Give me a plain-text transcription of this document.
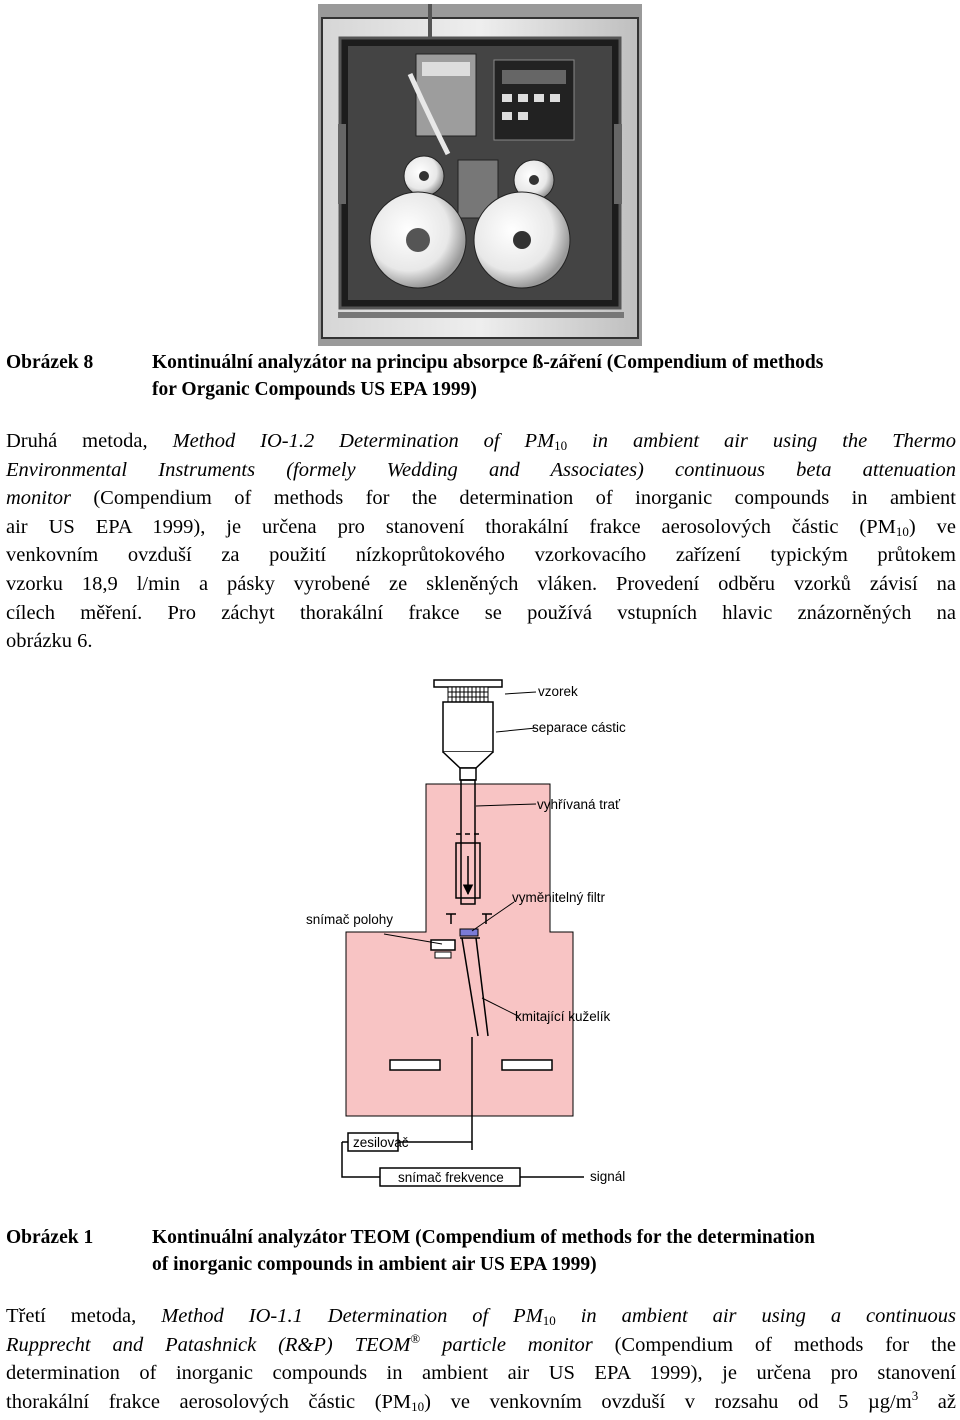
Obrázek 8	Kontinuální analyzátor na principu absorpce ß-záření (Compendium of methods
for Organic Compounds US EPA 1999)
Druhá metoda, Method IO-1.2 Determination of $PM_{10}$ in ambient air using the Thermo
Environmental Instruments (formely Wedding and Associates) continuous beta attenuation
monitor (Compendium of methods for the determination of inorganic compounds in ambient
air US EPA 1999), je určena pro stanovení thorakální frakce aerosolových částic $(PM_{10})$ ve
venkovním ovzduší za použití nízkoprůtokového vzorkovacího zařízení typickým průtokem
vzorku 18,9 l/min a pásky vyrobené ze skleněných vláken. Provedení odběru vzorků závisí na
cílech měření. Pro záchyt thorakální frakce se používá vstupních hlavic znázorněných na
obrázku 6.
vzorek
separace cástic
vyhřívaná trať
vyměnitelný filtr
snímač polohy
kmitající kuželík
zesilovač
snímač frekvence	signál
Obrázek 1	Kontinuální analyzátor TEOM (Compendium of methods for the determination
of inorganic compounds in ambient air US EPA 1999)
Třetí metoda, Method IO-1.1 Determination of $PM_{10}$ in ambient air using a continuous
Rupprecht and Patashnick (R&P) TEOM® particle monitor (Compendium of methods for the
determination of inorganic compounds in ambient air US EPA 1999), je určena pro stanovení
thorakální frakce aerosolových částic $(PM_{10})$ ve venkovním ovzduší v rozsahu od 5 $\mu g/m^3$ až
